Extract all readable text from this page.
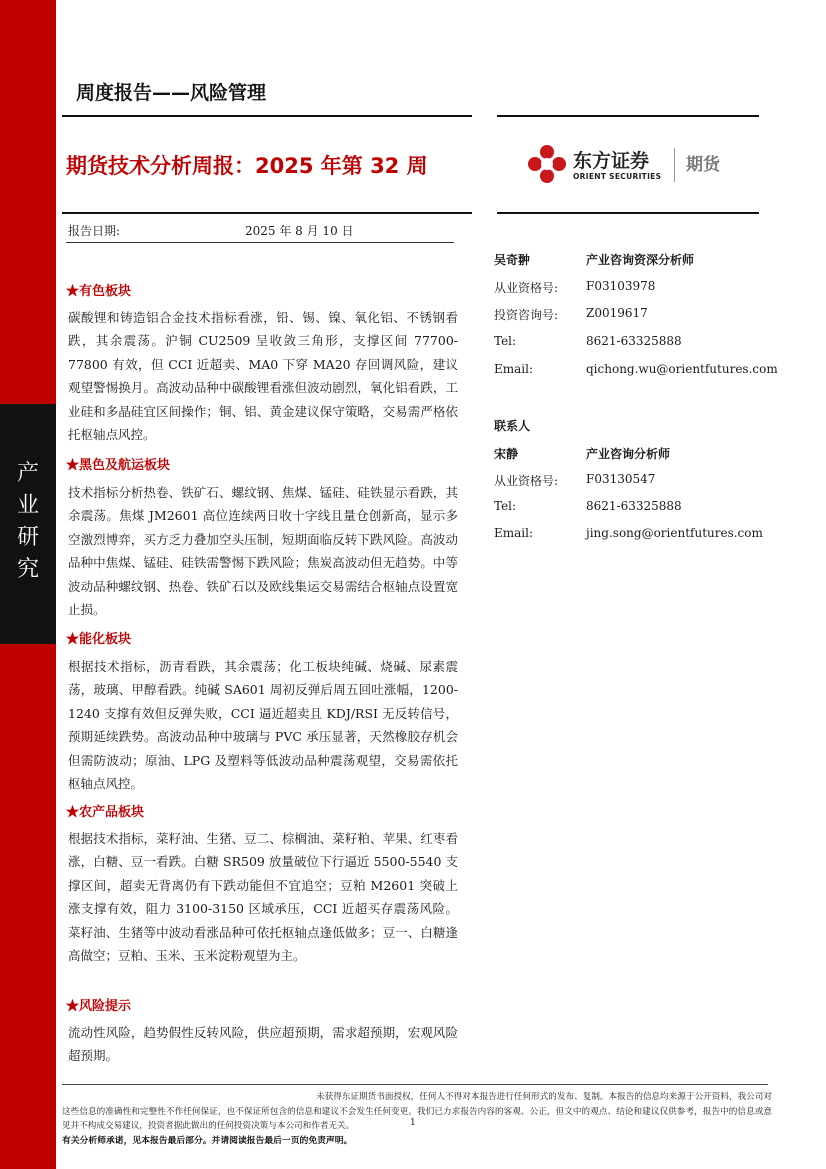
产
业
研
究
周度报告——风险管理
期货技术分析周报：2025 年第 32 周	东方证券
ORIENT SECURITIES
期货
报告日期:	2025 年 8 月 10 日
★有色板块
碳酸锂和铸造铝合金技术指标看涨，铅、锡、镍、氧化铝、不锈钢看跌，其余震荡。沪铜 CU2509 呈收敛三角形，支撑区间 77700-77800 有效，但 CCI 近超卖、MA0 下穿 MA20 存回调风险，建议观望警惕换月。高波动品种中碳酸锂看涨但波动剧烈，氧化铝看跌，工业硅和多晶硅宜区间操作；铜、铝、黄金建议保守策略，交易需严格依托枢轴点风控。
★黑色及航运板块
技术指标分析热卷、铁矿石、螺纹钢、焦煤、锰硅、硅铁显示看跌，其余震荡。焦煤 JM2601 高位连续两日收十字线且量仓创新高，显示多空激烈博弈，买方乏力叠加空头压制，短期面临反转下跌风险。高波动品种中焦煤、锰硅、硅铁需警惕下跌风险；焦炭高波动但无趋势。中等波动品种螺纹钢、热卷、铁矿石以及欧线集运交易需结合枢轴点设置宽止损。
★能化板块
根据技术指标，沥青看跌，其余震荡；化工板块纯碱、烧碱、尿素震荡，玻璃、甲醇看跌。纯碱 SA601 周初反弹后周五回吐涨幅，1200-1240 支撑有效但反弹失败，CCI 逼近超卖且 KDJ/RSI 无反转信号，预期延续跌势。高波动品种中玻璃与 PVC 承压显著，天然橡胶存机会但需防波动；原油、LPG 及塑料等低波动品种震荡观望，交易需依托枢轴点风控。
★农产品板块
根据技术指标，菜籽油、生猪、豆二、棕榈油、菜籽粕、苹果、红枣看涨，白糖、豆一看跌。白糖 SR509 放量破位下行逼近 5500-5540 支撑区间，超卖无背离仍有下跌动能但不宜追空；豆粕 M2601 突破上涨支撑有效，阻力 3100-3150 区域承压，CCI 近超买存震荡风险。菜籽油、生猪等中波动看涨品种可依托枢轴点逢低做多；豆一、白糖逢高做空；豆粕、玉米、玉米淀粉观望为主。
★风险提示
流动性风险，趋势假性反转风险，供应超预期，需求超预期，宏观风险超预期。
吴奇翀	产业咨询资深分析师
从业资格号: F03103978
投资咨询号: Z0019617
Tel:	8621-63325888
Email:	qichong.wu@orientfutures.com
联系人
宋静	产业咨询分析师
从业资格号: F03130547
Tel:	8621-63325888
Email:	jing.song@orientfutures.com
未获得东证期货书面授权，任何人不得对本报告进行任何形式的发布、复制。本报告的信息均来源于公开资料，我公司对这些信息的准确性和完整性不作任何保证，也不保证所包含的信息和建议不会发生任何变更。我们已力求报告内容的客观、公正，但文中的观点、结论和建议仅供参考，报告中的信息或意见并不构成交易建议，投资者据此做出的任何投资决策与本公司和作者无关。
有关分析师承诺，见本报告最后部分。并请阅读报告最后一页的免责声明。
1
